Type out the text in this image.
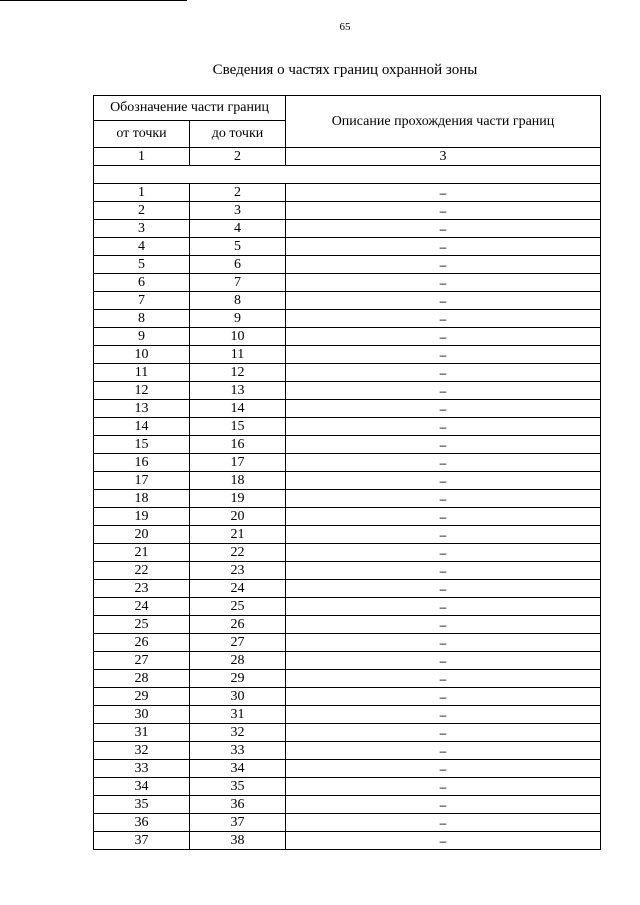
65
Сведения о частях границ охранной зоны
Обозначение части границ		Описание прохождения части границ
от точки	до точки	
1	2	3

1	2	–
2	3	–
3	4	–
4	5	–
5	6	–
6	7	–
7	8	–
8	9	–
9	10	–
10	11	–
11	12	–
12	13	–
13	14	–
14	15	–
15	16	–
16	17	–
17	18	–
18	19	–
19	20	–
20	21	–
21	22	–
22	23	–
23	24	–
24	25	–
25	26	–
26	27	–
27	28	–
28	29	–
29	30	–
30	31	–
31	32	–
32	33	–
33	34	–
34	35	–
35	36	–
36	37	–
37	38	–
